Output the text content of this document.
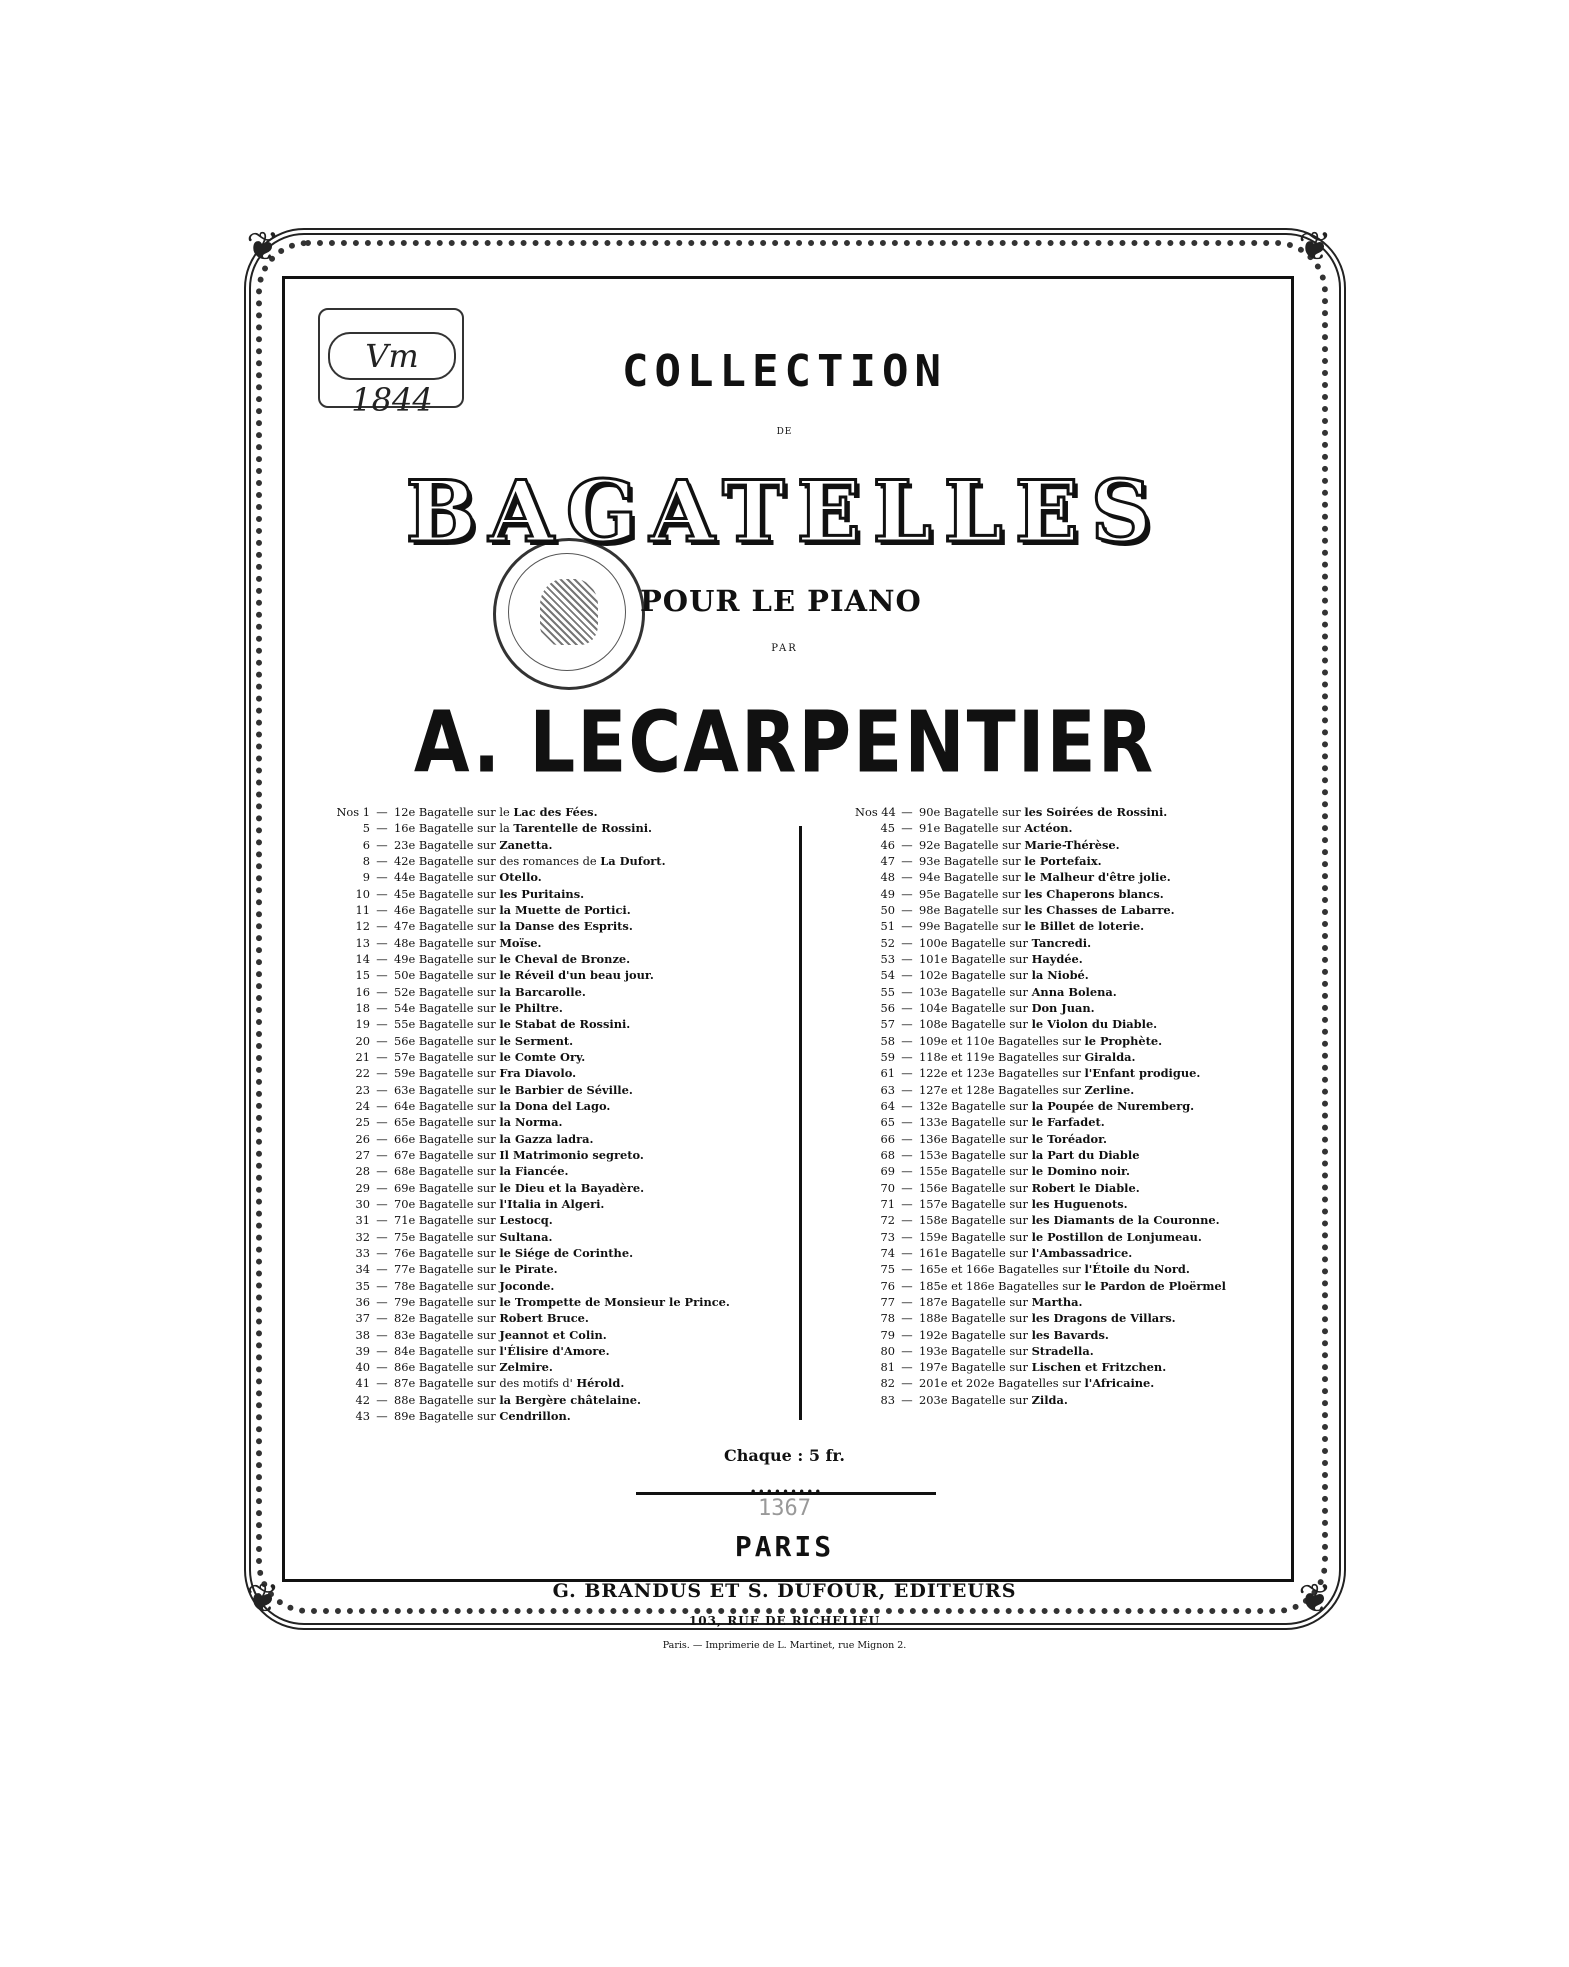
❦	❦
❦	❦
Vm 1844
COLLECTION
DE
BAGATELLES
POUR LE PIANO
PAR
A. LECARPENTIER
Nos 1 — 12e Bagatelle sur le Lac des Fées.
5 — 16e Bagatelle sur la Tarentelle de Rossini.
6 — 23e Bagatelle sur Zanetta.
8 — 42e Bagatelle sur des romances de La Dufort.
9 — 44e Bagatelle sur Otello.
10 — 45e Bagatelle sur les Puritains.
11 — 46e Bagatelle sur la Muette de Portici.
12 — 47e Bagatelle sur la Danse des Esprits.
13 — 48e Bagatelle sur Moïse.
14 — 49e Bagatelle sur le Cheval de Bronze.
15 — 50e Bagatelle sur le Réveil d'un beau jour.
16 — 52e Bagatelle sur la Barcarolle.
18 — 54e Bagatelle sur le Philtre.
19 — 55e Bagatelle sur le Stabat de Rossini.
20 — 56e Bagatelle sur le Serment.
21 — 57e Bagatelle sur le Comte Ory.
22 — 59e Bagatelle sur Fra Diavolo.
23 — 63e Bagatelle sur le Barbier de Séville.
24 — 64e Bagatelle sur la Dona del Lago.
25 — 65e Bagatelle sur la Norma.
26 — 66e Bagatelle sur la Gazza ladra.
27 — 67e Bagatelle sur Il Matrimonio segreto.
28 — 68e Bagatelle sur la Fiancée.
29 — 69e Bagatelle sur le Dieu et la Bayadère.
30 — 70e Bagatelle sur l'Italia in Algeri.
31 — 71e Bagatelle sur Lestocq.
32 — 75e Bagatelle sur Sultana.
33 — 76e Bagatelle sur le Siége de Corinthe.
34 — 77e Bagatelle sur le Pirate.
35 — 78e Bagatelle sur Joconde.
36 — 79e Bagatelle sur le Trompette de Monsieur le Prince.
37 — 82e Bagatelle sur Robert Bruce.
38 — 83e Bagatelle sur Jeannot et Colin.
39 — 84e Bagatelle sur l'Élisire d'Amore.
40 — 86e Bagatelle sur Zelmire.
41 — 87e Bagatelle sur des motifs d' Hérold.
42 — 88e Bagatelle sur la Bergère châtelaine.
43 — 89e Bagatelle sur Cendrillon.
Nos 44 — 90e Bagatelle sur les Soirées de Rossini.
45 — 91e Bagatelle sur Actéon.
46 — 92e Bagatelle sur Marie-Thérèse.
47 — 93e Bagatelle sur le Portefaix.
48 — 94e Bagatelle sur le Malheur d'être jolie.
49 — 95e Bagatelle sur les Chaperons blancs.
50 — 98e Bagatelle sur les Chasses de Labarre.
51 — 99e Bagatelle sur le Billet de loterie.
52 — 100e Bagatelle sur Tancredi.
53 — 101e Bagatelle sur Haydée.
54 — 102e Bagatelle sur la Niobé.
55 — 103e Bagatelle sur Anna Bolena.
56 — 104e Bagatelle sur Don Juan.
57 — 108e Bagatelle sur le Violon du Diable.
58 — 109e et 110e Bagatelles sur le Prophète.
59 — 118e et 119e Bagatelles sur Giralda.
61 — 122e et 123e Bagatelles sur l'Enfant prodigue.
63 — 127e et 128e Bagatelles sur Zerline.
64 — 132e Bagatelle sur la Poupée de Nuremberg.
65 — 133e Bagatelle sur le Farfadet.
66 — 136e Bagatelle sur le Toréador.
68 — 153e Bagatelle sur la Part du Diable
69 — 155e Bagatelle sur le Domino noir.
70 — 156e Bagatelle sur Robert le Diable.
71 — 157e Bagatelle sur les Huguenots.
72 — 158e Bagatelle sur les Diamants de la Couronne.
73 — 159e Bagatelle sur le Postillon de Lonjumeau.
74 — 161e Bagatelle sur l'Ambassadrice.
75 — 165e et 166e Bagatelles sur l'Étoile du Nord.
76 — 185e et 186e Bagatelles sur le Pardon de Ploërmel
77 — 187e Bagatelle sur Martha.
78 — 188e Bagatelle sur les Dragons de Villars.
79 — 192e Bagatelle sur les Bavards.
80 — 193e Bagatelle sur Stradella.
81 — 197e Bagatelle sur Lischen et Fritzchen.
82 — 201e et 202e Bagatelles sur l'Africaine.
83 — 203e Bagatelle sur Zilda.
Chaque : 5 fr.
•••••••••
1367
PARIS
G. BRANDUS ET S. DUFOUR, ÉDITEURS
103, RUE DE RICHELIEU
Paris. — Imprimerie de L. Martinet, rue Mignon 2.
